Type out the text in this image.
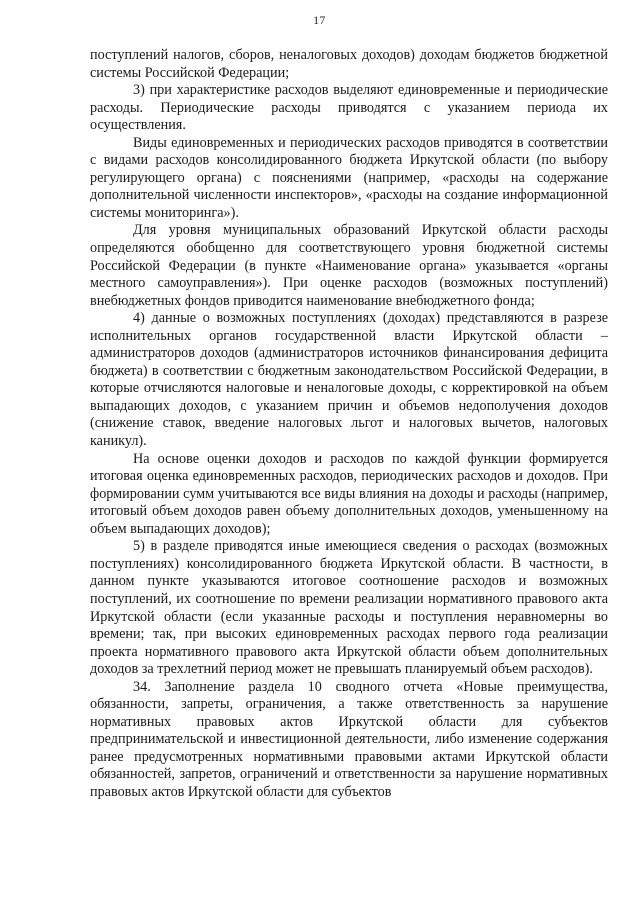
17

поступлений налогов, сборов, неналоговых доходов) доходам бюджетов бюджетной системы Российской Федерации;

3) при характеристике расходов выделяют единовременные и периодические расходы. Периодические расходы приводятся с указанием периода их осуществления.

Виды единовременных и периодических расходов приводятся в соответствии с видами расходов консолидированного бюджета Иркутской области (по выбору регулирующего органа) с пояснениями (например, «расходы на содержание дополнительной численности инспекторов», «расходы на создание информационной системы мониторинга»).

Для уровня муниципальных образований Иркутской области расходы определяются обобщенно для соответствующего уровня бюджетной системы Российской Федерации (в пункте «Наименование органа» указывается «органы местного самоуправления»). При оценке расходов (возможных поступлений) внебюджетных фондов приводится наименование внебюджетного фонда;

4) данные о возможных поступлениях (доходах) представляются в разрезе исполнительных органов государственной власти Иркутской области – администраторов доходов (администраторов источников финансирования дефицита бюджета) в соответствии с бюджетным законодательством Российской Федерации, в которые отчисляются налоговые и неналоговые доходы, с корректировкой на объем выпадающих доходов, с указанием причин и объемов недополучения доходов (снижение ставок, введение налоговых льгот и налоговых вычетов, налоговых каникул).

На основе оценки доходов и расходов по каждой функции формируется итоговая оценка единовременных расходов, периодических расходов и доходов. При формировании сумм учитываются все виды влияния на доходы и расходы (например, итоговый объем доходов равен объему дополнительных доходов, уменьшенному на объем выпадающих доходов);

5) в разделе приводятся иные имеющиеся сведения о расходах (возможных поступлениях) консолидированного бюджета Иркутской области. В частности, в данном пункте указываются итоговое соотношение расходов и возможных поступлений, их соотношение по времени реализации нормативного правового акта Иркутской области (если указанные расходы и поступления неравномерны во времени; так, при высоких единовременных расходах первого года реализации проекта нормативного правового акта Иркутской области объем дополнительных доходов за трехлетний период может не превышать планируемый объем расходов).

34. Заполнение раздела 10 сводного отчета «Новые преимущества, обязанности, запреты, ограничения, а также ответственность за нарушение нормативных правовых актов Иркутской области для субъектов предпринимательской и инвестиционной деятельности, либо изменение содержания ранее предусмотренных нормативными правовыми актами Иркутской области обязанностей, запретов, ограничений и ответственности за нарушение нормативных правовых актов Иркутской области для субъектов
